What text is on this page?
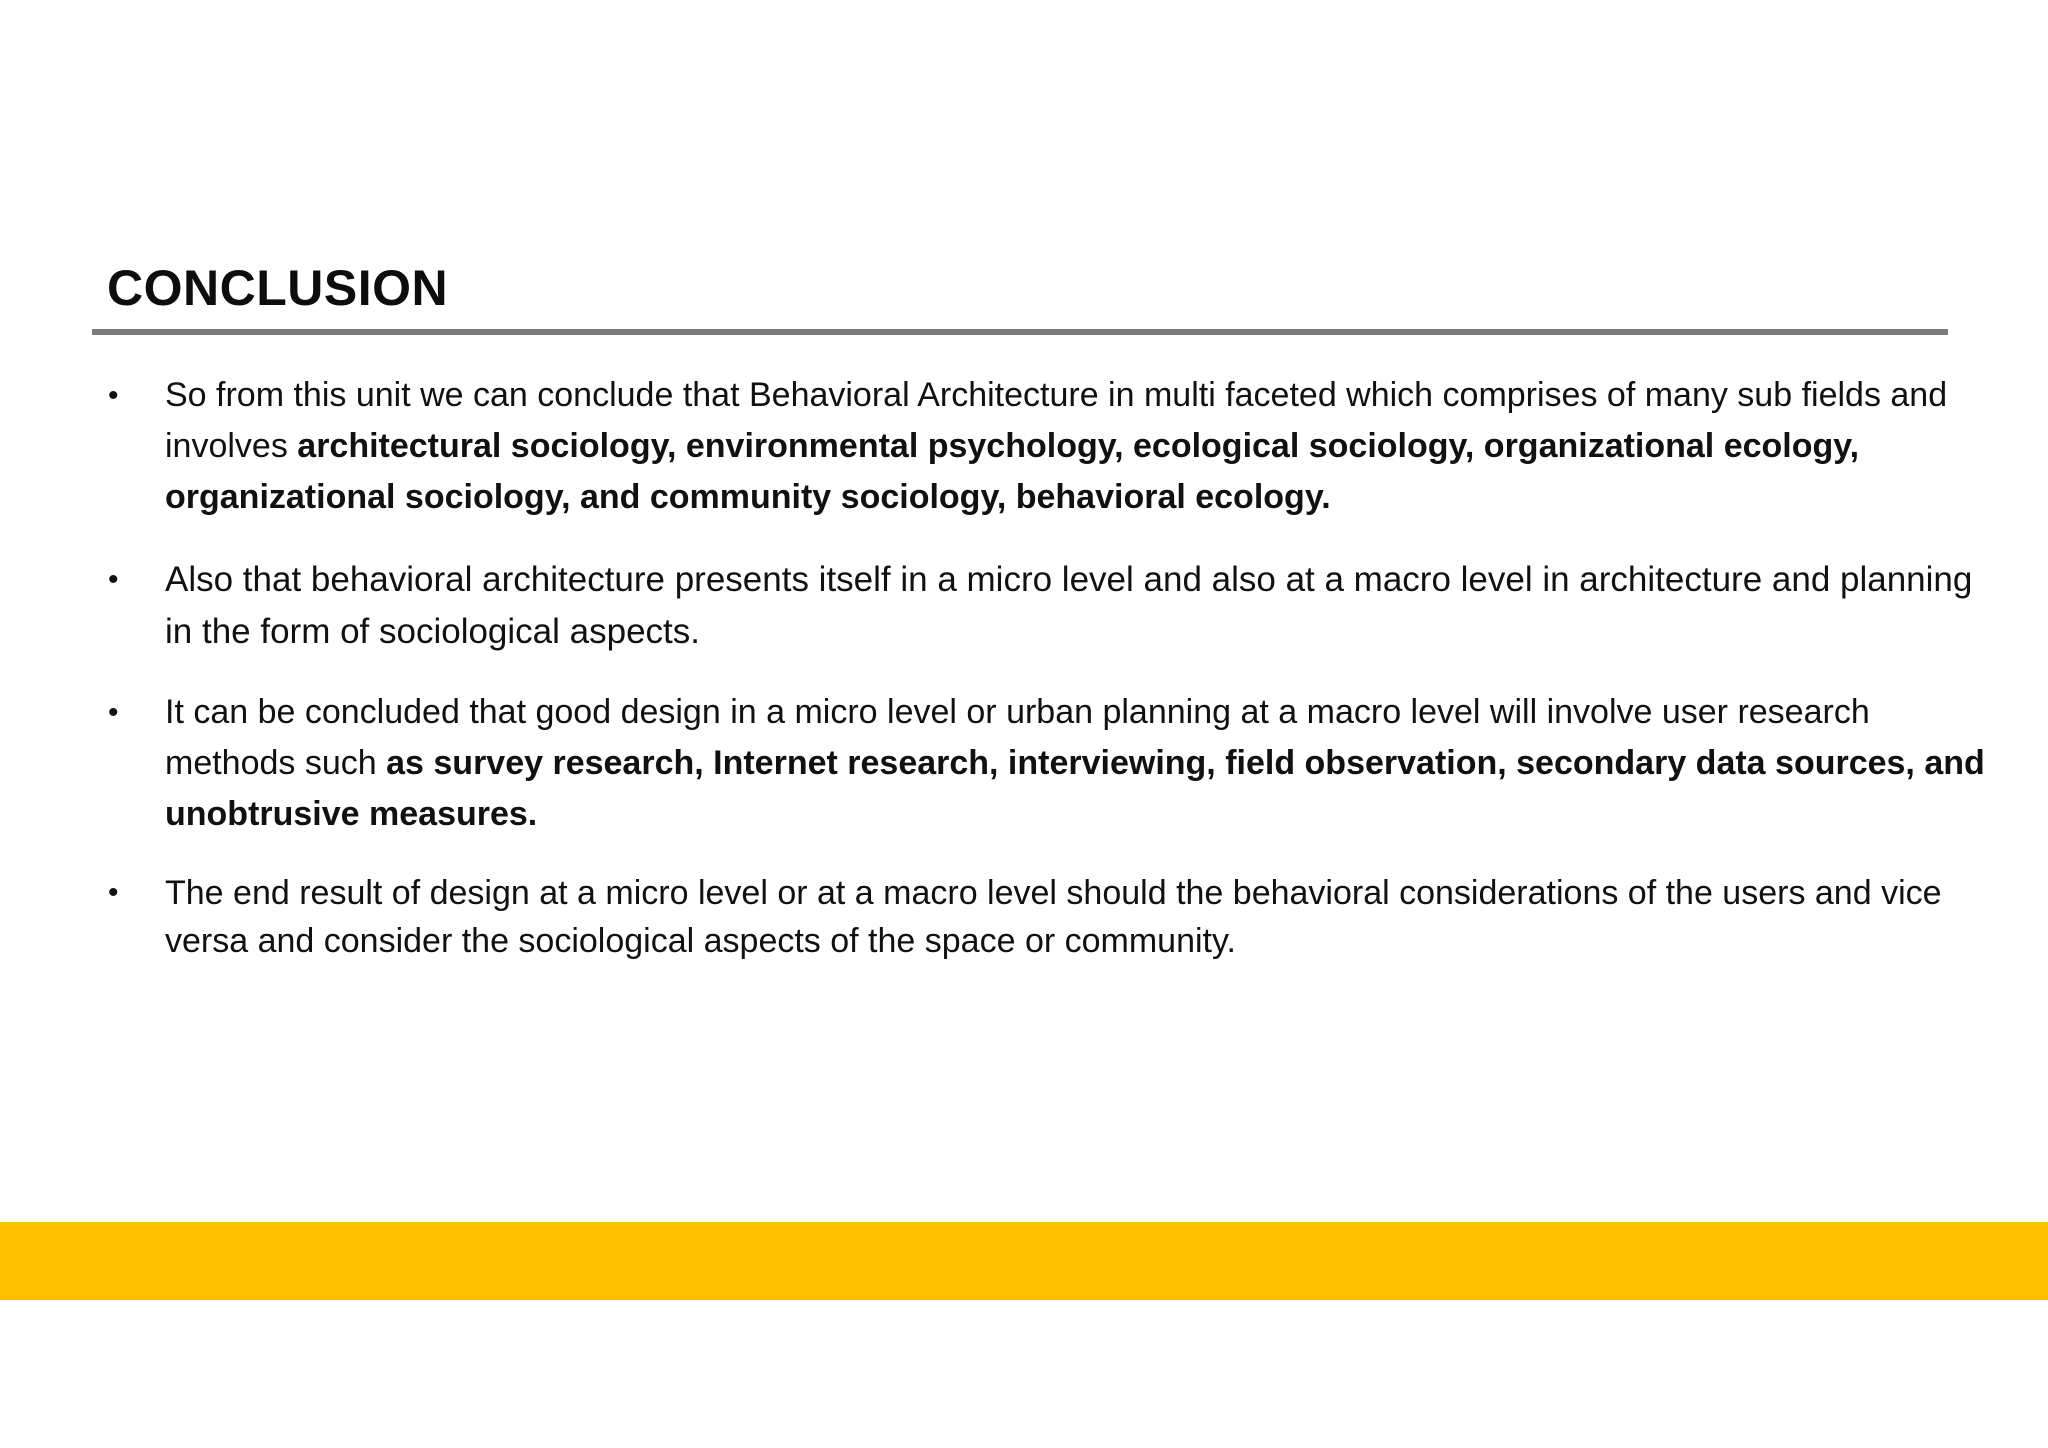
CONCLUSION
• So from this unit we can conclude that Behavioral Architecture in multi faceted which comprises of many sub fields and involves architectural sociology, environmental psychology, ecological sociology, organizational ecology, organizational sociology, and community sociology, behavioral ecology.
• Also that behavioral architecture presents itself in a micro level and also at a macro level in architecture and planning in the form of sociological aspects.
• It can be concluded that good design in a micro level or urban planning at a macro level will involve user research methods such as survey research, Internet research, interviewing, field observation, secondary data sources, and unobtrusive measures.
• The end result of design at a micro level or at a macro level should the behavioral considerations of the users and vice versa and consider the sociological aspects of the space or community.
